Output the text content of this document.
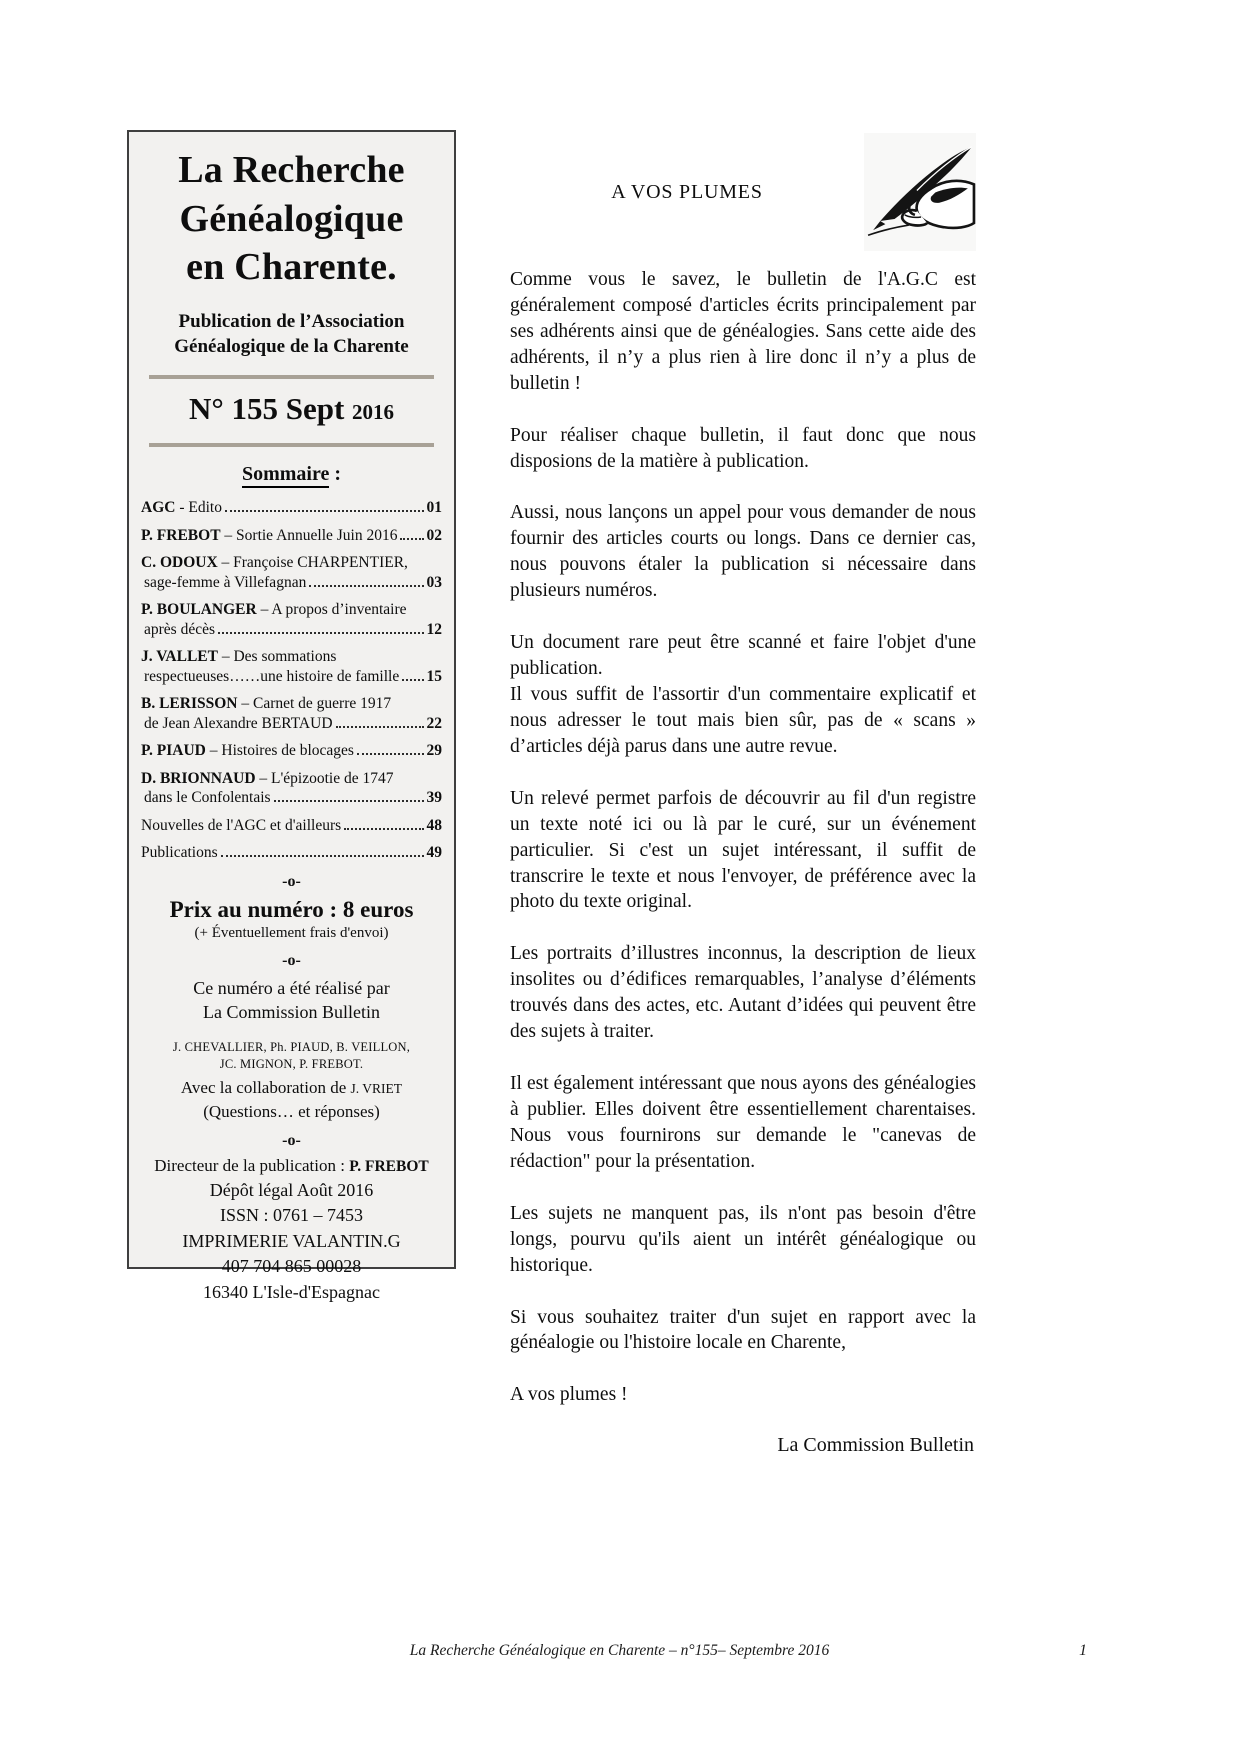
La Recherche
Généalogique
en Charente.
Publication de l’Association
Généalogique de la Charente
N° 155 Sept 2016
Sommaire :
AGC - Edito	01
P. FREBOT – Sortie Annuelle Juin 2016 02
C. ODOUX – Françoise CHARPENTIER,
sage-femme à Villefagnan	03
P. BOULANGER – A propos d’inventaire
après décès	12
J. VALLET – Des sommations
respectueuses……une histoire de famille 15
B. LERISSON – Carnet de guerre 1917
de Jean Alexandre BERTAUD	22
P. PIAUD – Histoires de blocages	29
D. BRIONNAUD – L'épizootie de 1747
dans le Confolentais	39
Nouvelles de l'AGC et d'ailleurs	48
Publications	49
-o-
Prix au numéro : 8 euros
(+ Éventuellement frais d'envoi)
-o-
Ce numéro a été réalisé par
La Commission Bulletin
J. CHEVALLIER, Ph. PIAUD, B. VEILLON,
JC. MIGNON, P. FREBOT.
Avec la collaboration de J. VRIET
(Questions… et réponses)
-o-
Directeur de la publication : P. FREBOT
Dépôt légal Août 2016
ISSN : 0761 – 7453
IMPRIMERIE VALANTIN.G
407 704 865 00028
16340 L'Isle-d'Espagnac
A VOS PLUMES

Comme vous le savez, le bulletin de l'A.G.C est généralement composé d'articles écrits principalement par ses adhérents ainsi que de généalogies. Sans cette aide des adhérents, il n’y a plus rien à lire donc il n’y a plus de bulletin !

Pour réaliser chaque bulletin, il faut donc que nous disposions de la matière à publication.

Aussi, nous lançons un appel pour vous demander de nous fournir des articles courts ou longs. Dans ce dernier cas, nous pouvons étaler la publication si nécessaire dans plusieurs numéros.

Un document rare peut être scanné et faire l'objet d'une publication.

Il vous suffit de l'assortir d'un commentaire explicatif et nous adresser le tout mais bien sûr, pas de « scans » d’articles déjà parus dans une autre revue.

Un relevé permet parfois de découvrir au fil d'un registre un texte noté ici ou là par le curé, sur un événement particulier. Si c'est un sujet intéressant, il suffit de transcrire le texte et nous l'envoyer, de préférence avec la photo du texte original.

Les portraits d’illustres inconnus, la description de lieux insolites ou d’édifices remarquables, l’analyse d’éléments trouvés dans des actes, etc. Autant d’idées qui peuvent être des sujets à traiter.

Il est également intéressant que nous ayons des généalogies à publier. Elles doivent être essentiellement charentaises. Nous vous fournirons sur demande le "canevas de rédaction" pour la présentation.

Les sujets ne manquent pas, ils n'ont pas besoin d'être longs, pourvu qu'ils aient un intérêt généalogique ou historique.

Si vous souhaitez traiter d'un sujet en rapport avec la généalogie ou l'histoire locale en Charente,

A vos plumes !

La Commission Bulletin
La Recherche Généalogique en Charente – n°155– Septembre 2016	1
